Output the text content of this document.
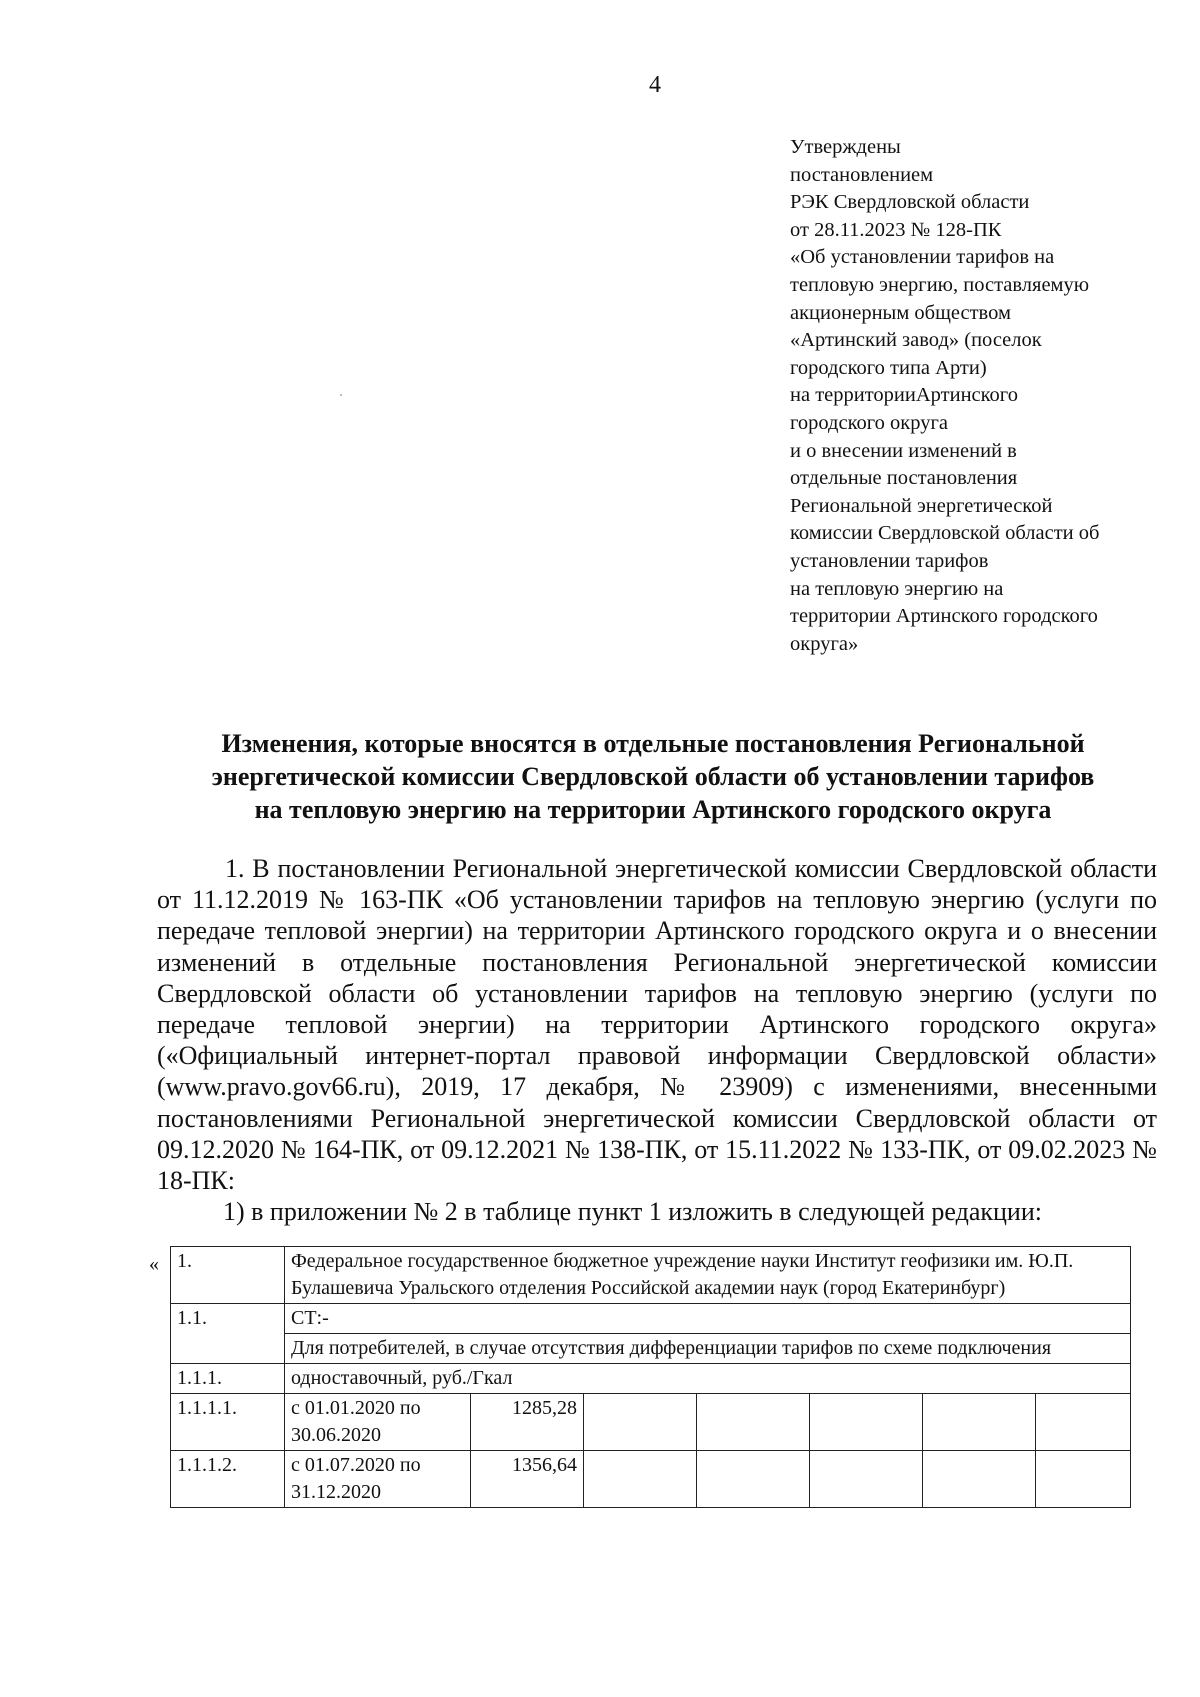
4
Утверждены
постановлением
РЭК Свердловской области
от 28.11.2023 № 128-ПК
«Об установлении тарифов на
тепловую энергию, поставляемую
акционерным обществом
«Артинский завод» (поселок
городского типа Арти)
на территорииАртинского
городского округа
и о внесении изменений в
отдельные постановления
Региональной энергетической
комиссии Свердловской области об
установлении тарифов
на тепловую энергию на
территории Артинского городского
округа»
Изменения, которые вносятся в отдельные постановления Региональной
энергетической комиссии Свердловской области об установлении тарифов
на тепловую энергию на территории Артинского городского округа

1. В постановлении Региональной энергетической комиссии Свердловской области от 11.12.2019 № 163-ПК «Об установлении тарифов на тепловую энергию (услуги по передаче тепловой энергии) на территории Артинского городского округа и о внесении изменений в отдельные постановления Региональной энергетической комиссии Свердловской области об установлении тарифов на тепловую энергию (услуги по передаче тепловой энергии) на территории Артинского городского округа» («Официальный интернет-портал правовой информации Свердловской области» (www.pravo.gov66.ru), 2019, 17 декабря, № 23909) с изменениями, внесенными постановлениями Региональной энергетической комиссии Свердловской области от 09.12.2020 № 164-ПК, от 09.12.2021 № 138-ПК, от 15.11.2022 № 133-ПК, от 09.02.2023 № 18-ПК:

1) в приложении № 2 в таблице пункт 1 изложить в следующей редакции:

« 1.	Федеральное государственное бюджетное учреждение науки Институт геофизики им. Ю.П. Булашевича Уральского отделения Российской академии наук (город Екатеринбург)						
1.1.	СТ:-						
	Для потребителей, в случае отсутствия дифференциации тарифов по схеме подключения						
1.1.1.	одноставочный, руб./Гкал						
1.1.1.1.	с 01.01.2020 по 30.06.2020	1285,28					
1.1.1.2.	с 01.07.2020 по 31.12.2020	1356,64					
